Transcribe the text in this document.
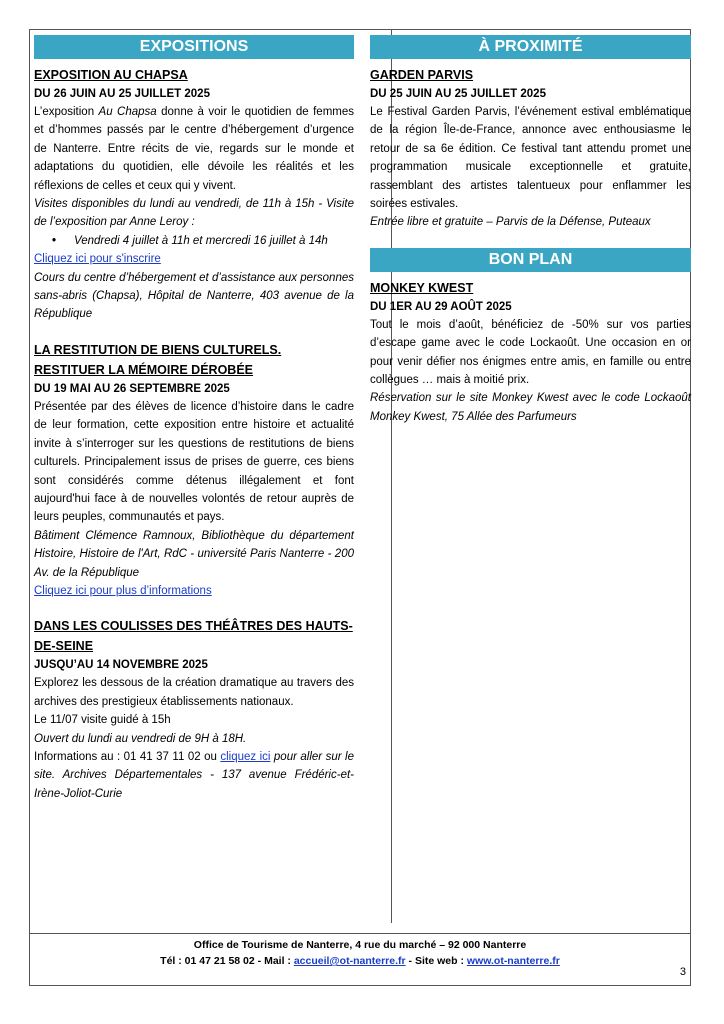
EXPOSITIONS
EXPOSITION AU CHAPSA
DU 26 JUIN AU 25 JUILLET 2025

L’exposition Au Chapsa donne à voir le quotidien de femmes et d’hommes passés par le centre d’hébergement d’urgence de Nanterre. Entre récits de vie, regards sur le monde et adaptations du quotidien, elle dévoile les réalités et les réflexions de celles et ceux qui y vivent.

Visites disponibles du lundi au vendredi, de 11h à 15h - Visite de l’exposition par Anne Leroy :

•	Vendredi 4 juillet à 11h et mercredi 16 juillet à 14h

Cliquez ici pour s'inscrire

Cours du centre d’hébergement et d’assistance aux personnes sans-abris (Chapsa), Hôpital de Nanterre, 403 avenue de la République

LA RESTITUTION DE BIENS CULTURELS. RESTITUER LA MÉMOIRE DÉROBÉE
DU 19 MAI AU 26 SEPTEMBRE 2025

Présentée par des élèves de licence d’histoire dans le cadre de leur formation, cette exposition entre histoire et actualité invite à s’interroger sur les questions de restitutions de biens culturels. Principalement issus de prises de guerre, ces biens sont considérés comme détenus illégalement et font aujourd'hui face à de nouvelles volontés de retour auprès de leurs peuples, communautés et pays.

Bâtiment Clémence Ramnoux, Bibliothèque du département Histoire, Histoire de l'Art, RdC - université Paris Nanterre - 200 Av. de la République

Cliquez ici pour plus d’informations

DANS LES COULISSES DES THÉÂTRES DES HAUTS-DE-SEINE
JUSQU’AU 14 NOVEMBRE 2025

Explorez les dessous de la création dramatique au travers des archives des prestigieux établissements nationaux.

Le 11/07 visite guidé à 15h

Ouvert du lundi au vendredi de 9H à 18H.

Informations au : 01 41 37 11 02 ou cliquez ici pour aller sur le site. Archives Départementales - 137 avenue Frédéric-et-Irène-Joliot-Curie

À PROXIMITÉ
GARDEN PARVIS
DU 25 JUIN AU 25 JUILLET 2025

Le Festival Garden Parvis, l’événement estival emblématique de la région Île-de-France, annonce avec enthousiasme le retour de sa 6e édition. Ce festival tant attendu promet une programmation musicale exceptionnelle et gratuite, rassemblant des artistes talentueux pour enflammer les soirées estivales.

Entrée libre et gratuite – Parvis de la Défense, Puteaux

BON PLAN
MONKEY KWEST
DU 1ER AU 29 AOÛT 2025

Tout le mois d’août, bénéficiez de -50% sur vos parties d’escape game avec le code Lockaoût. Une occasion en or pour venir défier nos énigmes entre amis, en famille ou entre collègues … mais à moitié prix.

Réservation sur le site Monkey Kwest avec le code Lockaoût Monkey Kwest, 75 Allée des Parfumeurs

Office de Tourisme de Nanterre, 4 rue du marché – 92 000 Nanterre
Tél : 01 47 21 58 02 - Mail : accueil@ot-nanterre.fr - Site web : www.ot-nanterre.fr
3
